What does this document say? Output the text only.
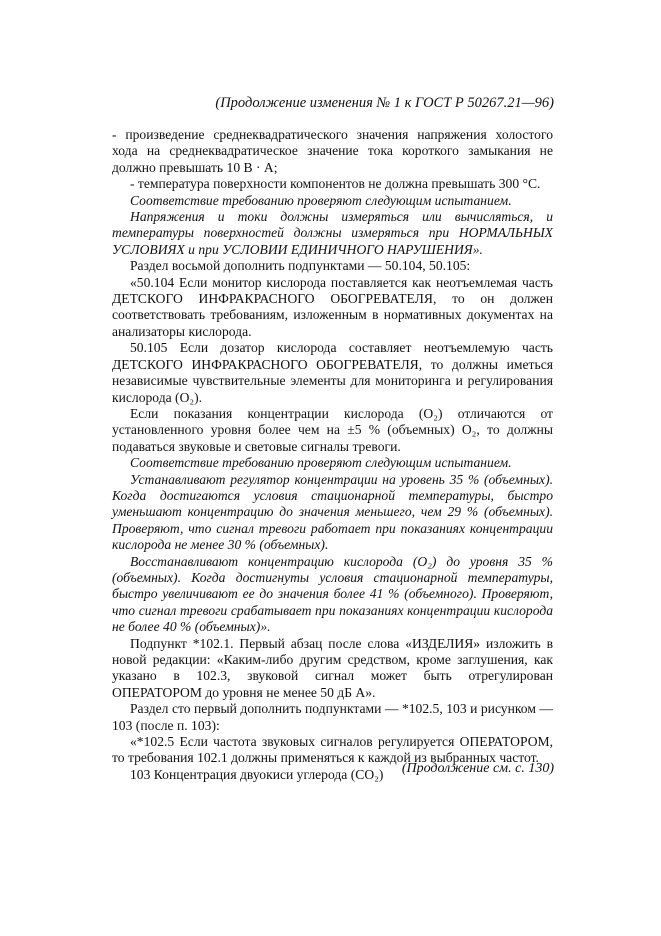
(Продолжение изменения № 1 к ГОСТ Р 50267.21—96)

- произведение среднеквадратического значения напряжения холостого хода на среднеквадратическое значение тока короткого замыкания не должно превышать 10 В · А;

- температура поверхности компонентов не должна превышать 300 °С.

Соответствие требованию проверяют следующим испытанием.

Напряжения и токи должны измеряться или вычисляться, и температуры поверхностей должны измеряться при НОРМАЛЬНЫХ УСЛОВИЯХ и при УСЛОВИИ ЕДИНИЧНОГО НАРУШЕНИЯ».

Раздел восьмой дополнить подпунктами — 50.104, 50.105:

«50.104 Если монитор кислорода поставляется как неотъемлемая часть ДЕТСКОГО ИНФРАКРАСНОГО ОБОГРЕВАТЕЛЯ, то он должен соответствовать требованиям, изложенным в нормативных документах на анализаторы кислорода.

50.105 Если дозатор кислорода составляет неотъемлемую часть ДЕТСКОГО ИНФРАКРАСНОГО ОБОГРЕВАТЕЛЯ, то должны иметься независимые чувствительные элементы для мониторинга и регулирования кислорода (О₂).

Если показания концентрации кислорода (О₂) отличаются от установленного уровня более чем на ±5 % (объемных) О₂, то должны подаваться звуковые и световые сигналы тревоги.

Соответствие требованию проверяют следующим испытанием.

Устанавливают регулятор концентрации на уровень 35 % (объемных). Когда достигаются условия стационарной температуры, быстро уменьшают концентрацию до значения меньшего, чем 29 % (объемных). Проверяют, что сигнал тревоги работает при показаниях концентрации кислорода не менее 30 % (объемных).

Восстанавливают концентрацию кислорода (О₂) до уровня 35 % (объемных). Когда достигнуты условия стационарной температуры, быстро увеличивают ее до значения более 41 % (объемного). Проверяют, что сигнал тревоги срабатывает при показаниях концентрации кислорода не более 40 % (объемных)».

Подпункт *102.1. Первый абзац после слова «ИЗДЕЛИЯ» изложить в новой редакции: «Каким-либо другим средством, кроме заглушения, как указано в 102.3, звуковой сигнал может быть отрегулирован ОПЕРАТОРОМ до уровня не менее 50 дБ А».

Раздел сто первый дополнить подпунктами — *102.5, 103 и рисунком — 103 (после п. 103):

«*102.5 Если частота звуковых сигналов регулируется ОПЕРАТОРОМ, то требования 102.1 должны применяться к каждой из выбранных частот.

103 Концентрация двуокиси углерода (СО₂)	(Продолжение см. с. 130)
